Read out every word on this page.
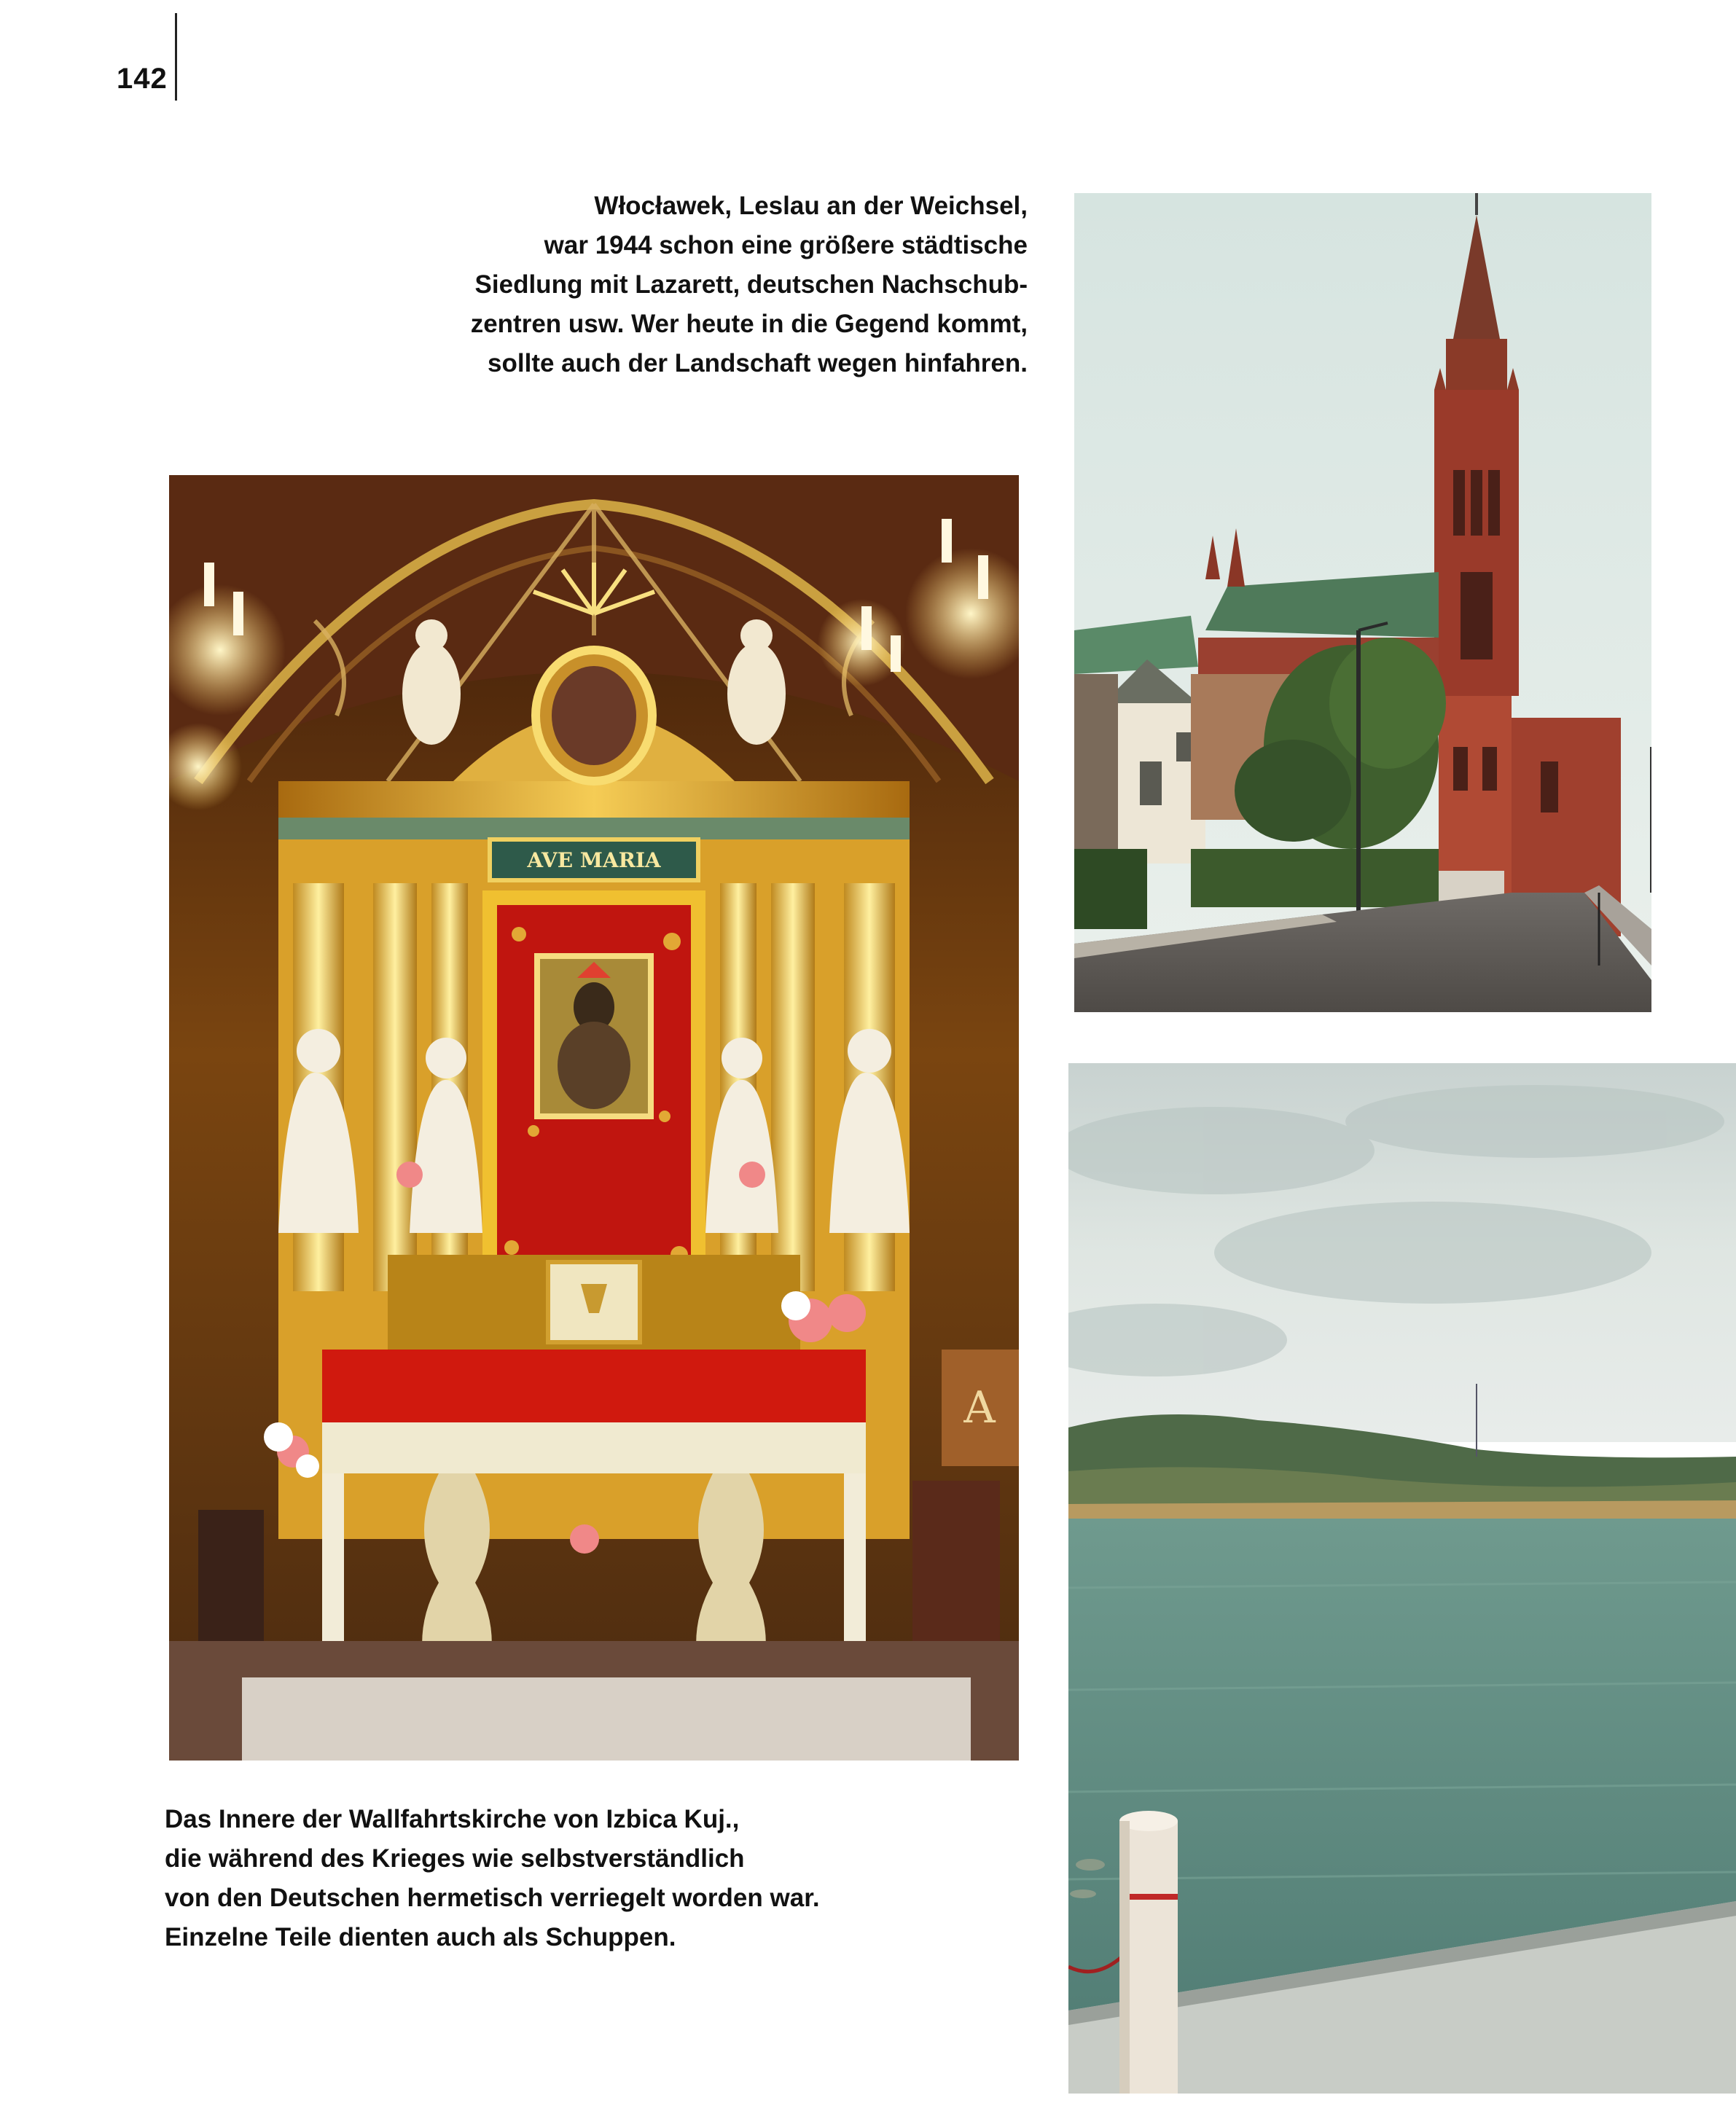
142

Włocławek, Leslau an der Weichsel,
war 1944 schon eine größere städtische
Siedlung mit Lazarett, deutschen Nachschub-
zentren usw. Wer heute in die Gegend kommt,
sollte auch der Landschaft wegen hinfahren.

AVE MARIA
A

Das Innere der Wallfahrtskirche von Izbica Kuj.,
die während des Krieges wie selbstverständlich
von den Deutschen hermetisch verriegelt worden war.
Einzelne Teile dienten auch als Schuppen.
